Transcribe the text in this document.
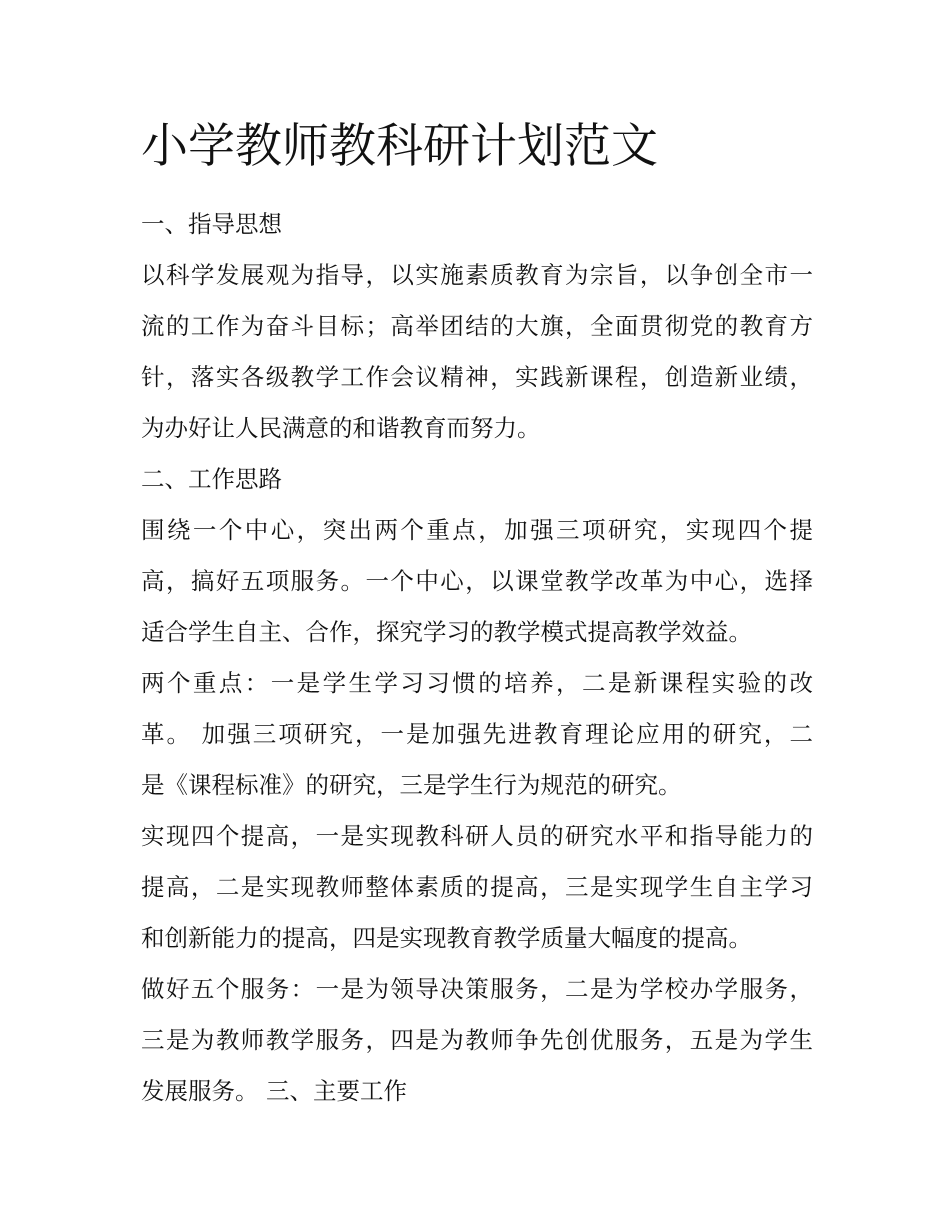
小学教师教科研计划范文
一、指导思想
以科学发展观为指导，以实施素质教育为宗旨，以争创全市一
流的工作为奋斗目标；高举团结的大旗，全面贯彻党的教育方
针，落实各级教学工作会议精神，实践新课程，创造新业绩，
为办好让人民满意的和谐教育而努力。
二、工作思路
围绕一个中心，突出两个重点，加强三项研究，实现四个提
高，搞好五项服务。一个中心，以课堂教学改革为中心，选择
适合学生自主、合作，探究学习的教学模式提高教学效益。
两个重点：一是学生学习习惯的培养，二是新课程实验的改
革。 加强三项研究，一是加强先进教育理论应用的研究，二
是《课程标准》的研究，三是学生行为规范的研究。
实现四个提高，一是实现教科研人员的研究水平和指导能力的
提高，二是实现教师整体素质的提高，三是实现学生自主学习
和创新能力的提高，四是实现教育教学质量大幅度的提高。
做好五个服务：一是为领导决策服务，二是为学校办学服务，
三是为教师教学服务，四是为教师争先创优服务，五是为学生
发展服务。 三、主要工作
